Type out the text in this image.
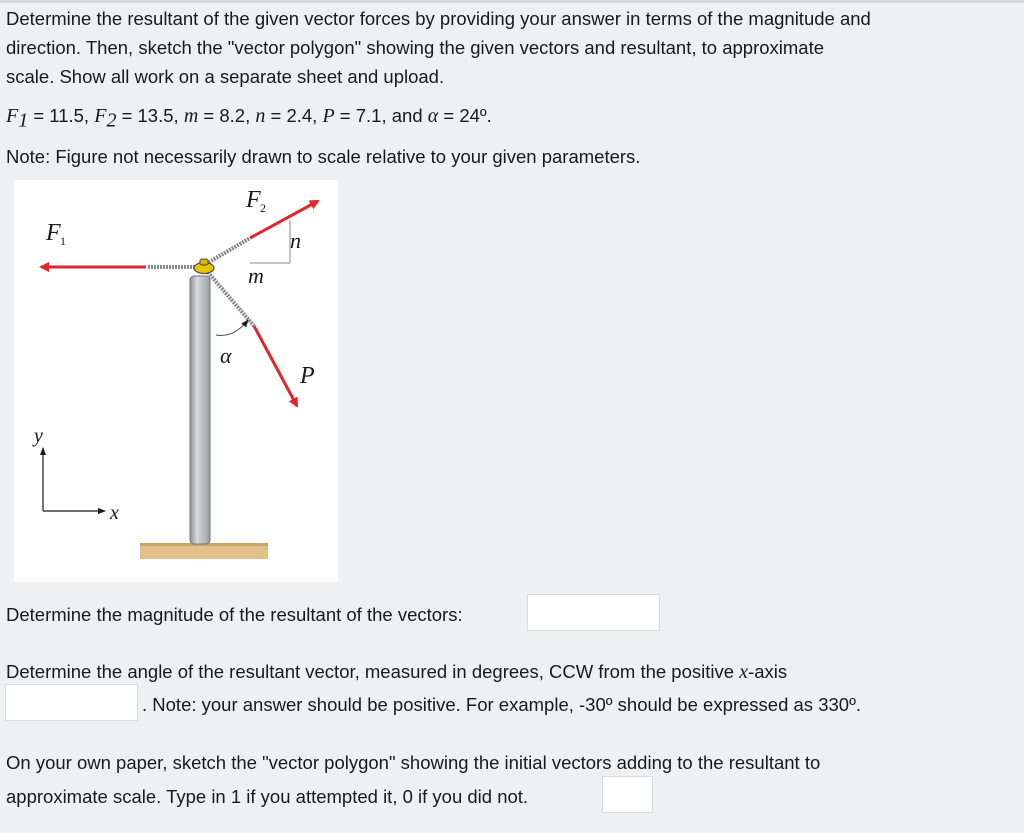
Determine the resultant of the given vector forces by providing your answer in terms of the magnitude and
direction. Then, sketch the "vector polygon" showing the given vectors and resultant, to approximate
scale. Show all work on a separate sheet and upload.
$F_1 = 11.5$, $F_2 = 13.5$, m = 8.2, n = 2.4, P = 7.1, and α = 24º.
Note: Figure not necessarily drawn to scale relative to your given parameters.
F 2
F 1	n
m
α
P
y
x
Determine the magnitude of the resultant of the vectors:
Determine the angle of the resultant vector, measured in degrees, CCW from the positive x-axis
. Note: your answer should be positive. For example, -30º should be expressed as 330º.
On your own paper, sketch the "vector polygon" showing the initial vectors adding to the resultant to
approximate scale. Type in 1 if you attempted it, 0 if you did not.
